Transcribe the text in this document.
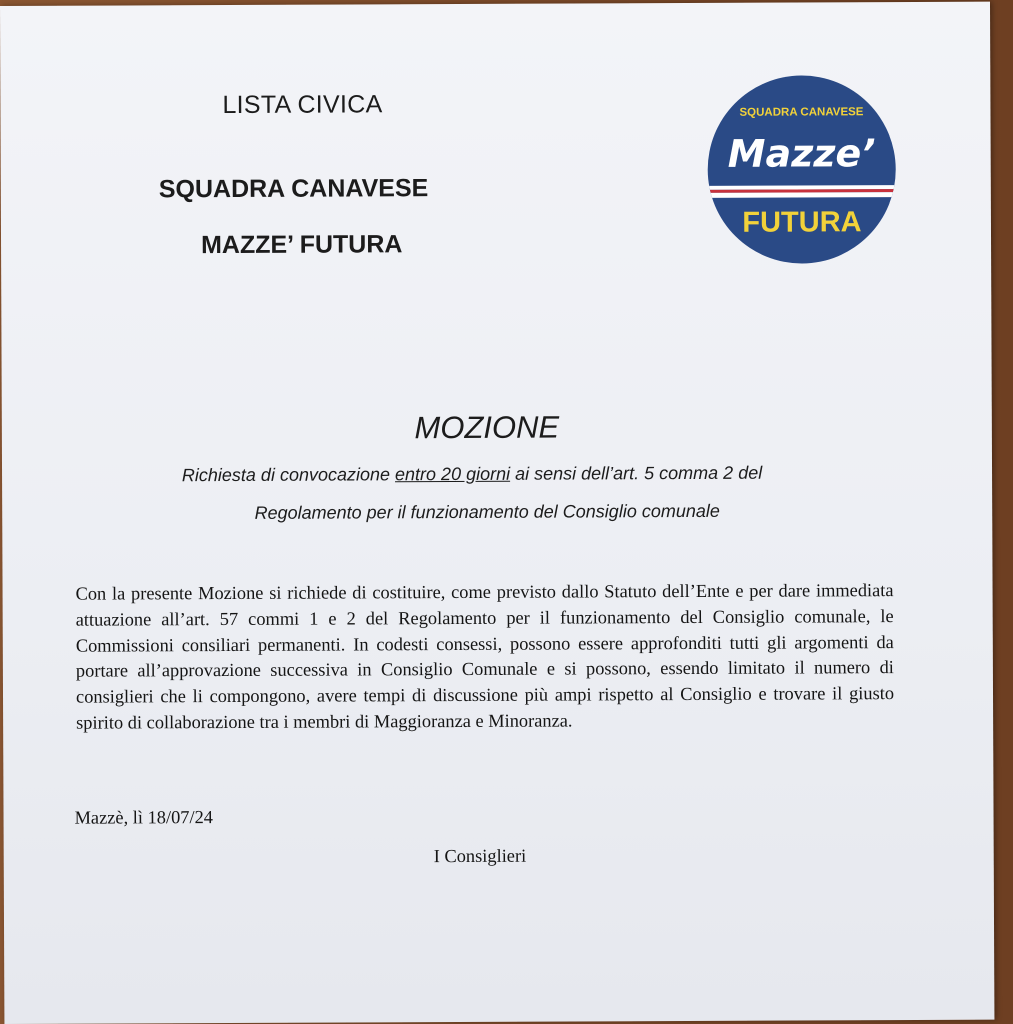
LISTA CIVICA
SQUADRA CANAVESE
MAZZE’ FUTURA
SQUADRA CANAVESE
Mazze’
FUTURA
MOZIONE
Richiesta di convocazione entro 20 giorni ai sensi dell’art. 5 comma 2 del
Regolamento per il funzionamento del Consiglio comunale
Con la presente Mozione si richiede di costituire, come previsto dallo Statuto dell’Ente e per dare immediata attuazione all’art. 57 commi 1 e 2 del Regolamento per il funzionamento del Consiglio comunale, le Commissioni consiliari permanenti. In codesti consessi, possono essere approfonditi tutti gli argomenti da portare all’approvazione successiva in Consiglio Comunale e si possono, essendo limitato il numero di consiglieri che li compongono, avere tempi di discussione più ampi rispetto al Consiglio e trovare il giusto spirito di collaborazione tra i membri di Maggioranza e Minoranza.
Mazzè, lì 18/07/24
I Consiglieri
